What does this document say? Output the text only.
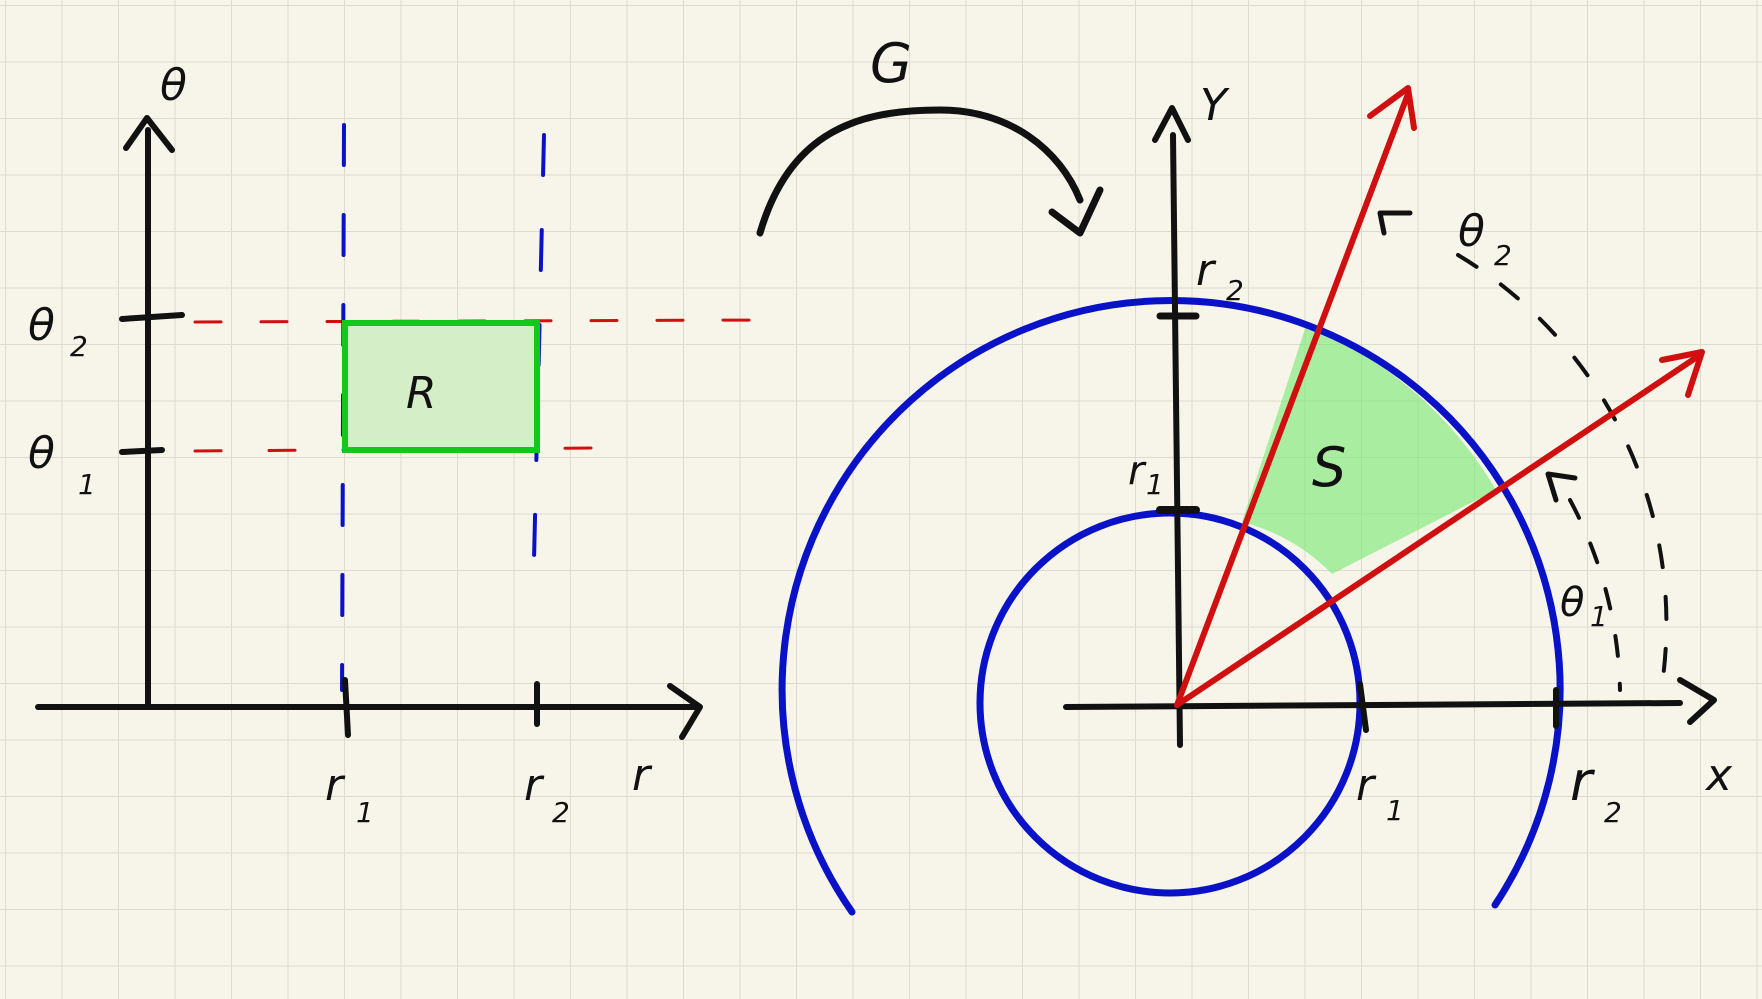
θ
r
θ 2
θ
1
r
1
r
2
R
G
Y
x
r 2
r 1
r 1	r 2
θ 2
θ 1
S
